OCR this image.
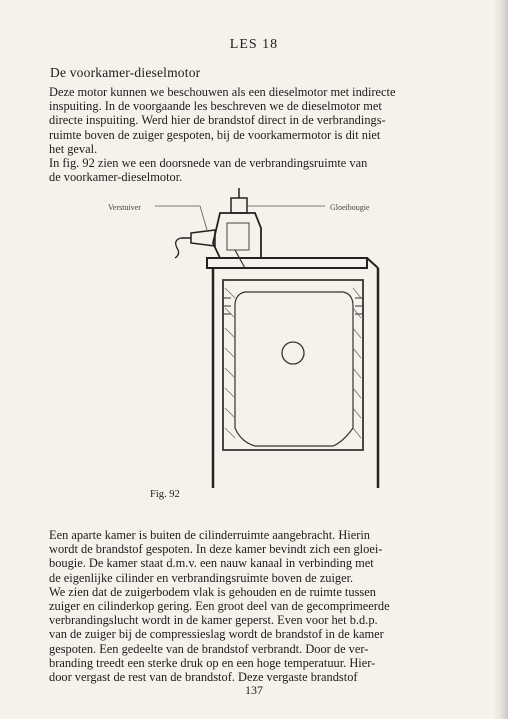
LES 18
De voorkamer-dieselmotor

Deze motor kunnen we beschouwen als een dieselmotor met indirecte

inspuiting. In de voorgaande les beschreven we de dieselmotor met

directe inspuiting. Werd hier de brandstof direct in de verbrandings-

ruimte boven de zuiger gespoten, bij de voorkamermotor is dit niet

het geval.

In fig. 92 zien we een doorsnede van de verbrandingsruimte van

de voorkamer-dieselmotor.

Verstuiver	Gloeibougie
Fig. 92

Een aparte kamer is buiten de cilinderruimte aangebracht. Hierin

wordt de brandstof gespoten. In deze kamer bevindt zich een gloei-

bougie. De kamer staat d.m.v. een nauw kanaal in verbinding met

de eigenlijke cilinder en verbrandingsruimte boven de zuiger.

We zien dat de zuigerbodem vlak is gehouden en de ruimte tussen

zuiger en cilinderkop gering. Een groot deel van de gecomprimeerde

verbrandingslucht wordt in de kamer geperst. Even voor het b.d.p.

van de zuiger bij de compressieslag wordt de brandstof in de kamer

gespoten. Een gedeelte van de brandstof verbrandt. Door de ver-

branding treedt een sterke druk op en een hoge temperatuur. Hier-

door vergast de rest van de brandstof. Deze vergaste brandstof

137
